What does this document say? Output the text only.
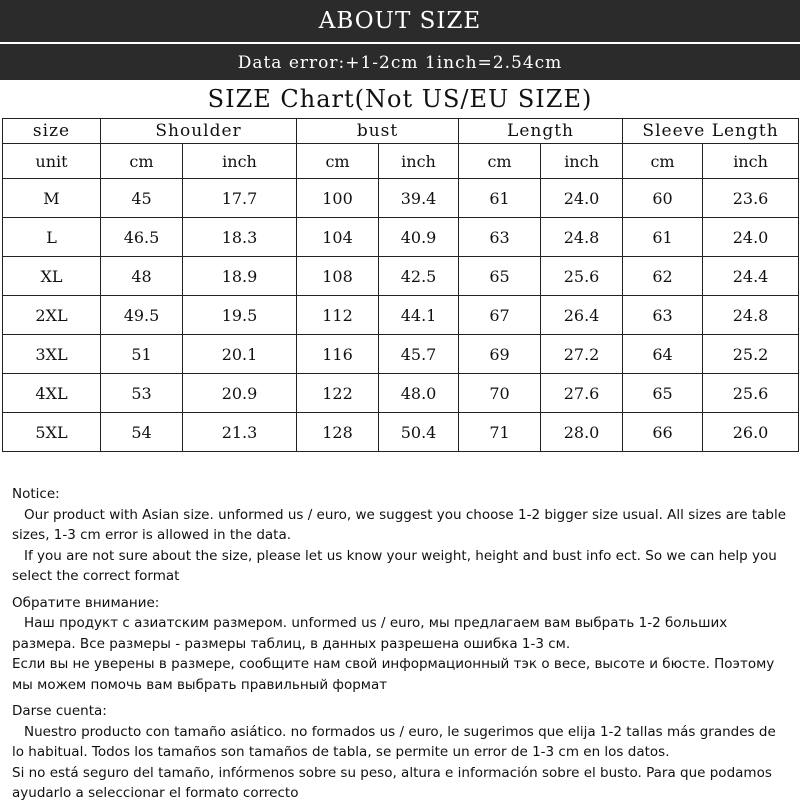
ABOUT SIZE
Data error:+1-2cm 1inch=2.54cm
SIZE Chart(Not US/EU SIZE)
size	Shoulder		bust		Length		Sleeve Length	
unit	cm	inch	cm	inch	cm	inch	cm	inch
M	45	17.7	100	39.4	61	24.0	60	23.6
L	46.5	18.3	104	40.9	63	24.8	61	24.0
XL	48	18.9	108	42.5	65	25.6	62	24.4
2XL	49.5	19.5	112	44.1	67	26.4	63	24.8
3XL	51	20.1	116	45.7	69	27.2	64	25.2
4XL	53	20.9	122	48.0	70	27.6	65	25.6
5XL	54	21.3	128	50.4	71	28.0	66	26.0

Notice:

Our product with Asian size. unformed us / euro, we suggest you choose 1-2 bigger size usual. All sizes are table sizes, 1-3 cm error is allowed in the data.

If you are not sure about the size, please let us know your weight, height and bust info ect. So we can help you select the correct format

Обратите внимание:

Наш продукт с азиатским размером. unformed us / euro, мы предлагаем вам выбрать 1-2 больших размера. Все размеры - размеры таблиц, в данных разрешена ошибка 1-3 см.

Если вы не уверены в размере, сообщите нам свой информационный тэк о весе, высоте и бюсте. Поэтому мы можем помочь вам выбрать правильный формат

Darse cuenta:

Nuestro producto con tamaño asiático. no formados us / euro, le sugerimos que elija 1-2 tallas más grandes de lo habitual. Todos los tamaños son tamaños de tabla, se permite un error de 1-3 cm en los datos.

Si no está seguro del tamaño, infórmenos sobre su peso, altura e información sobre el busto. Para que podamos ayudarlo a seleccionar el formato correcto
